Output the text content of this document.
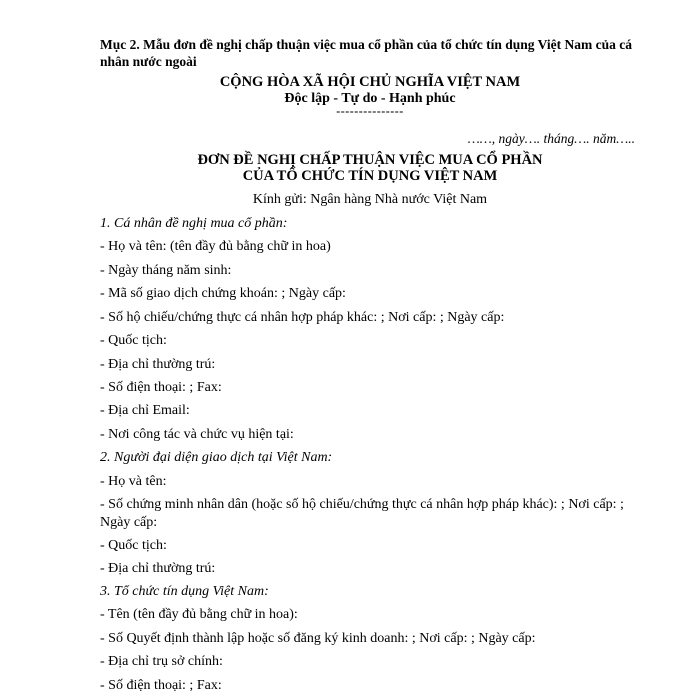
Mục 2. Mẫu đơn đề nghị chấp thuận việc mua cổ phần của tổ chức tín dụng Việt Nam của cá nhân nước ngoài
CỘNG HÒA XÃ HỘI CHỦ NGHĨA VIỆT NAM
Độc lập - Tự do - Hạnh phúc
---------------
……, ngày…. tháng…. năm…..
ĐƠN ĐỀ NGHỊ CHẤP THUẬN VIỆC MUA CỔ PHẦN
CỦA TỔ CHỨC TÍN DỤNG VIỆT NAM
Kính gửi: Ngân hàng Nhà nước Việt Nam
1. Cá nhân đề nghị mua cổ phần:
- Họ và tên: (tên đầy đủ bằng chữ in hoa)
- Ngày tháng năm sinh:
- Mã số giao dịch chứng khoán: ; Ngày cấp:
- Số hộ chiếu/chứng thực cá nhân hợp pháp khác: ; Nơi cấp: ; Ngày cấp:
- Quốc tịch:
- Địa chỉ thường trú:
- Số điện thoại: ; Fax:
- Địa chỉ Email:
- Nơi công tác và chức vụ hiện tại:
2. Người đại diện giao dịch tại Việt Nam:
- Họ và tên:
- Số chứng minh nhân dân (hoặc số hộ chiếu/chứng thực cá nhân hợp pháp khác): ; Nơi cấp: ; Ngày cấp:
- Quốc tịch:
- Địa chỉ thường trú:
3. Tổ chức tín dụng Việt Nam:
- Tên (tên đầy đủ bằng chữ in hoa):
- Số Quyết định thành lập hoặc số đăng ký kinh doanh: ; Nơi cấp: ; Ngày cấp:
- Địa chỉ trụ sở chính:
- Số điện thoại: ; Fax:
